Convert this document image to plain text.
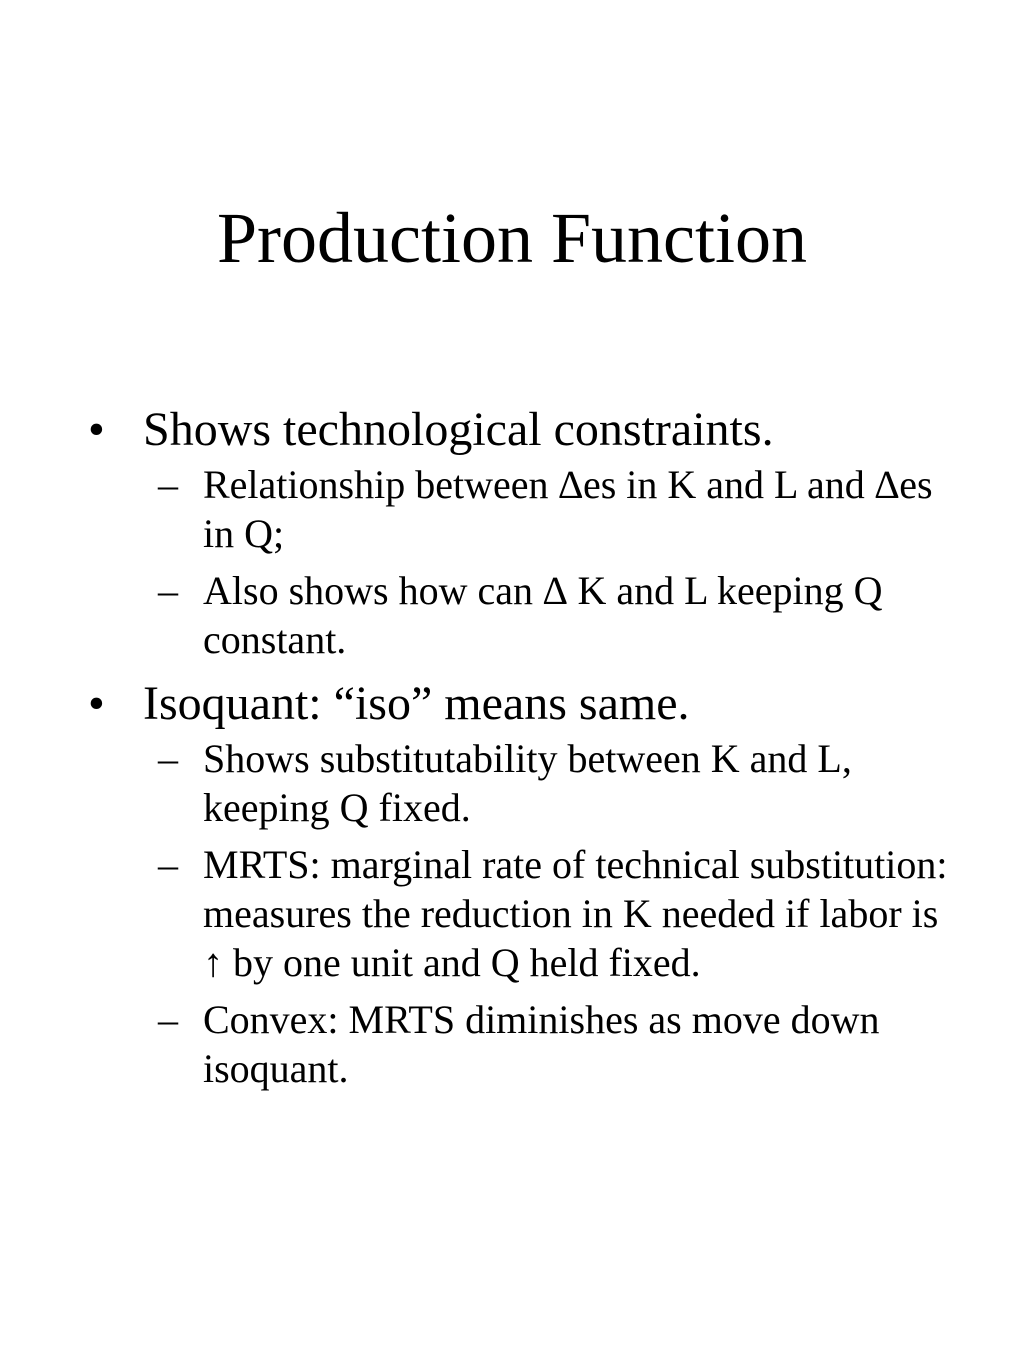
Production Function
• Shows technological constraints.
– Relationship between ∆es in K and L and ∆es in Q;
– Also shows how can ∆ K and L keeping Q constant.
• Isoquant: “iso” means same.
– Shows substitutability between K and L, keeping Q fixed.
– MRTS: marginal rate of technical substitution: measures the reduction in K needed if labor is ↑ by one unit and Q held fixed.
– Convex: MRTS diminishes as move down isoquant.
